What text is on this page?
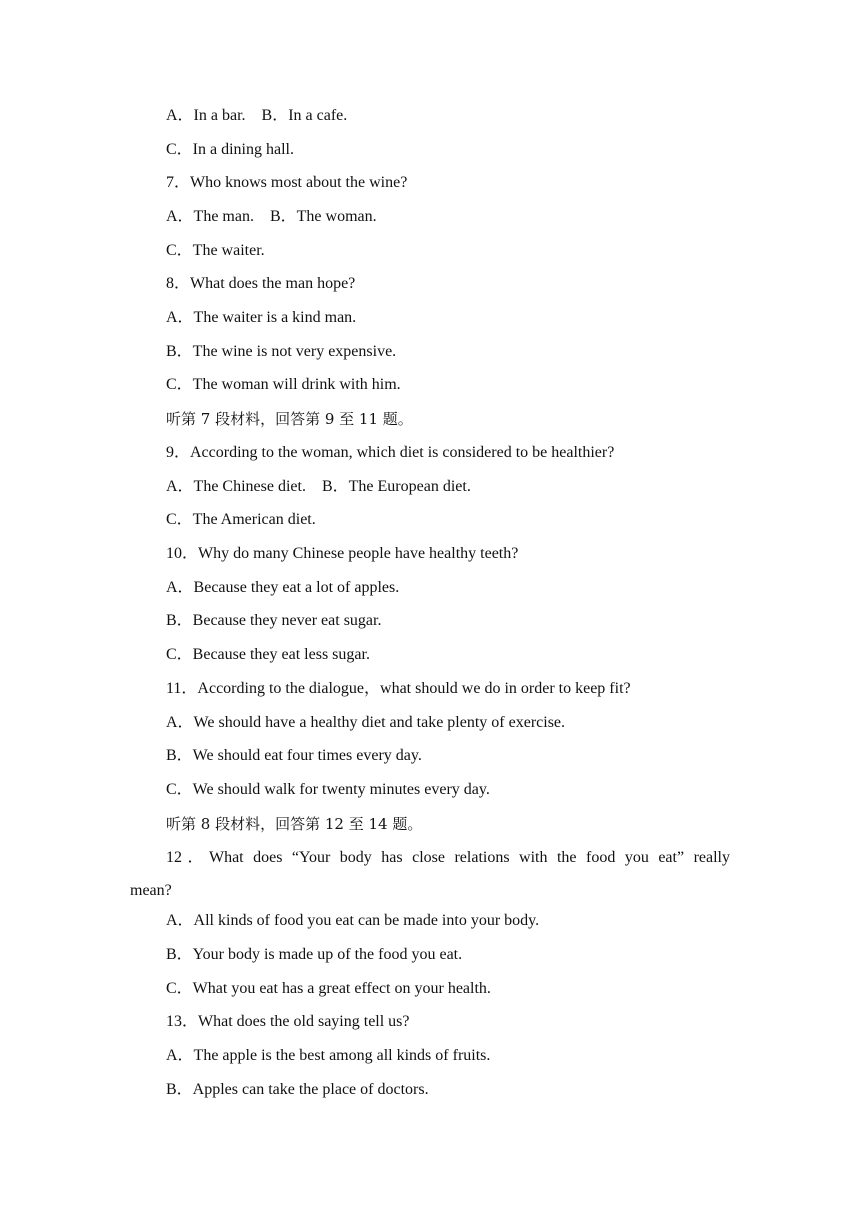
A．In a bar.　B．In a cafe.
C．In a dining hall.
7．Who knows most about the wine?
A．The man.　B．The woman.
C．The waiter.
8．What does the man hope?
A．The waiter is a kind man.
B．The wine is not very expensive.
C．The woman will drink with him.
听第 7 段材料，回答第 9 至 11 题。
9．According to the woman, which diet is considered to be healthier?
A．The Chinese diet.　B．The European diet.
C．The American diet.
10．Why do many Chinese people have healthy teeth?
A．Because they eat a lot of apples.
B．Because they never eat sugar.
C．Because they eat less sugar.
11．According to the dialogue，what should we do in order to keep fit?
A．We should have a healthy diet and take plenty of exercise.
B．We should eat four times every day.
C．We should walk for twenty minutes every day.
听第 8 段材料，回答第 12 至 14 题。
12．What does “Your body has close relations with the food you eat” really
mean?
A．All kinds of food you eat can be made into your body.
B．Your body is made up of the food you eat.
C．What you eat has a great effect on your health.
13．What does the old saying tell us?
A．The apple is the best among all kinds of fruits.
B．Apples can take the place of doctors.
